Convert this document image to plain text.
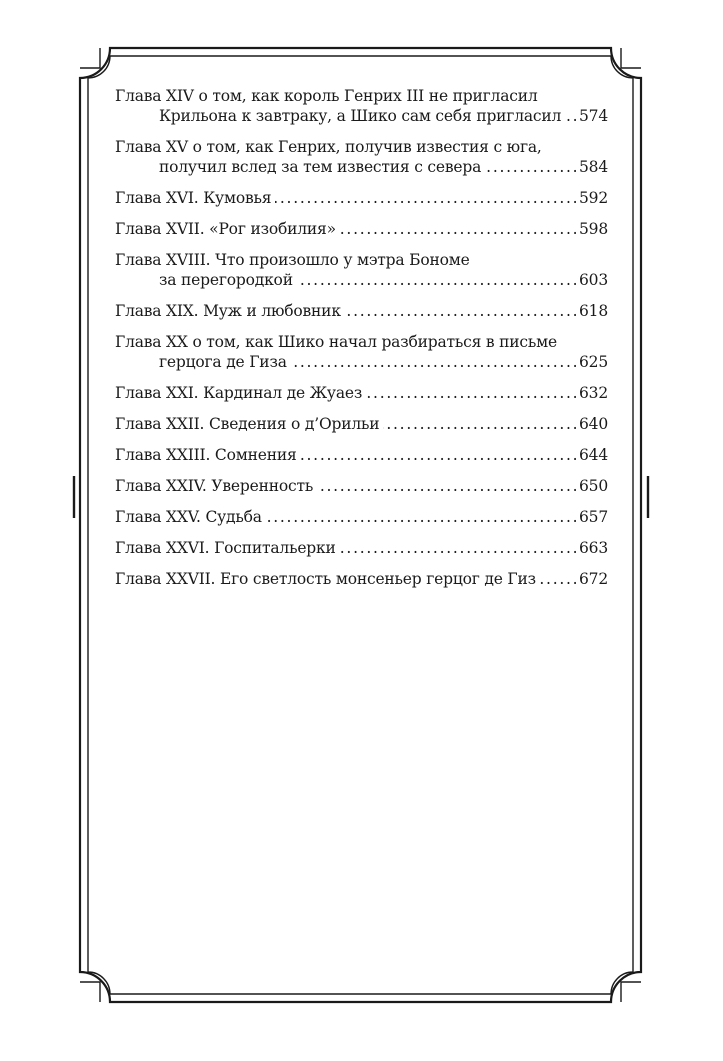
Глава XIV о том, как король Генрих III не пригласил
Крильона к завтраку, а Шико сам себя пригласил . . . 574
Глава XV о том, как Генрих, получив известия с юга,
получил вслед за тем известия с севера . . .	584
Глава XVI. Кумовья . . .	592
Глава XVII. «Рог изобилия» . . .	598
Глава XVIII. Что произошло у мэтра Бономе
за перегородкой . . .	603
Глава XIX. Муж и любовник . . .	618
Глава XX о том, как Шико начал разбираться в письме
герцога де Гиза . . .	625
Глава XXI. Кардинал де Жуаез . . .	632
Глава XXII. Сведения о д’Орильи . . .	640
Глава XXIII. Сомнения . . .	644
Глава XXIV. Уверенность . . .	650
Глава XXV. Судьба . . .	657
Глава XXVI. Госпитальерки . . .	663
Глава XXVII. Его светлость монсеньер герцог де Гиз . . .	672
